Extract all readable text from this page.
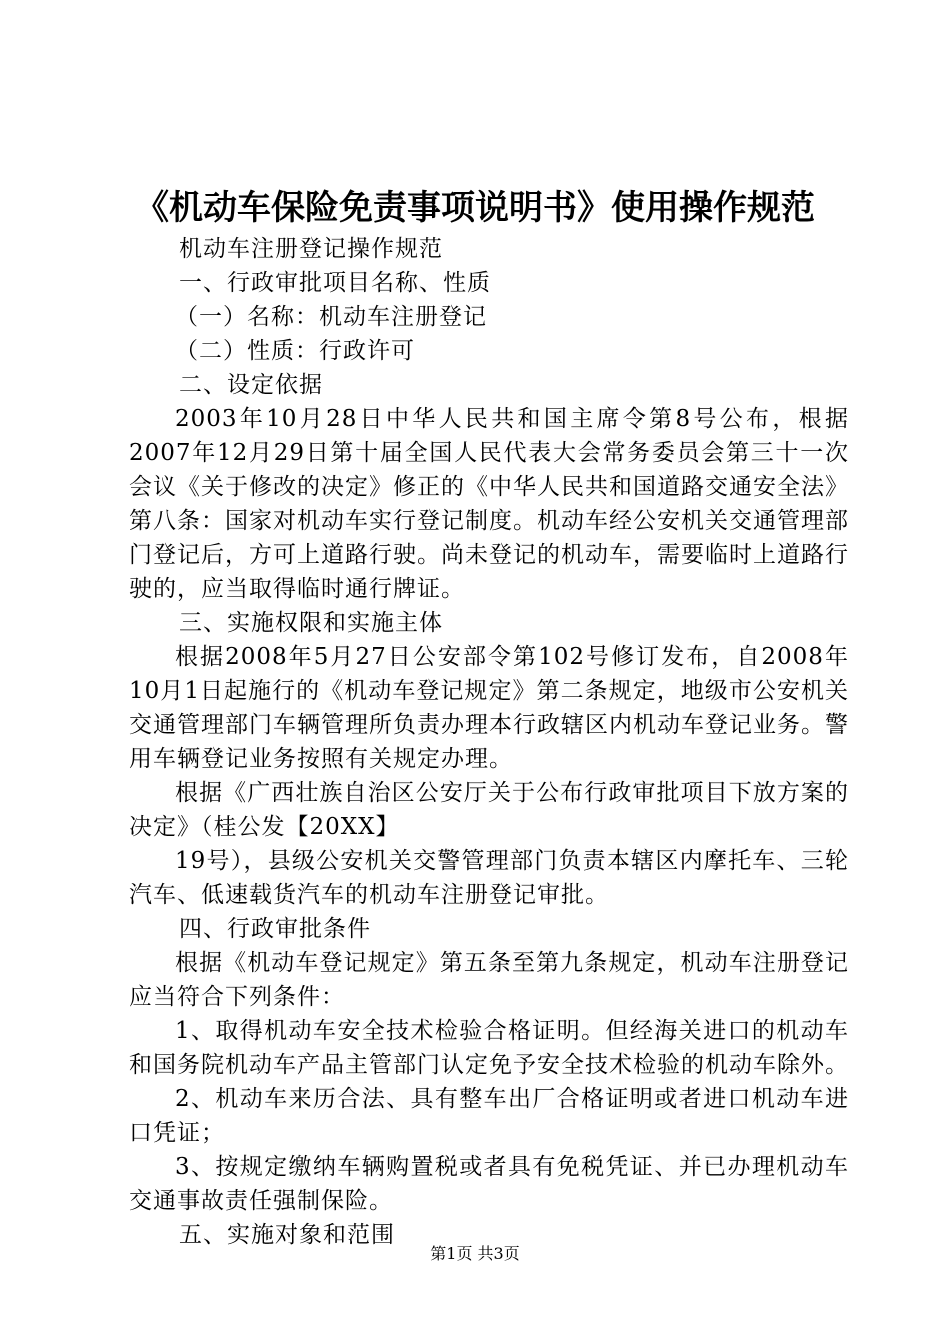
《机动车保险免责事项说明书》使用操作规范

机动车注册登记操作规范

一、行政审批项目名称、性质

（一）名称：机动车注册登记

（二）性质：行政许可

二、设定依据

2003年10月28日中华人民共和国主席令第8号公布，根据2007年12月29日第十届全国人民代表大会常务委员会第三十一次会议《关于修改的决定》修正的《中华人民共和国道路交通安全法》第八条：国家对机动车实行登记制度。机动车经公安机关交通管理部门登记后，方可上道路行驶。尚未登记的机动车，需要临时上道路行驶的，应当取得临时通行牌证。

三、实施权限和实施主体

根据2008年5月27日公安部令第102号修订发布，自2008年10月1日起施行的《机动车登记规定》第二条规定，地级市公安机关交通管理部门车辆管理所负责办理本行政辖区内机动车登记业务。警用车辆登记业务按照有关规定办理。

根据《广西壮族自治区公安厅关于公布行政审批项目下放方案的决定》（桂公发【20XX】

19号），县级公安机关交警管理部门负责本辖区内摩托车、三轮汽车、低速载货汽车的机动车注册登记审批。

四、行政审批条件

根据《机动车登记规定》第五条至第九条规定，机动车注册登记应当符合下列条件：

1、取得机动车安全技术检验合格证明。但经海关进口的机动车和国务院机动车产品主管部门认定免予安全技术检验的机动车除外。

2、机动车来历合法、具有整车出厂合格证明或者进口机动车进口凭证；

3、按规定缴纳车辆购置税或者具有免税凭证、并已办理机动车交通事故责任强制保险。

五、实施对象和范围

第1页 共3页
